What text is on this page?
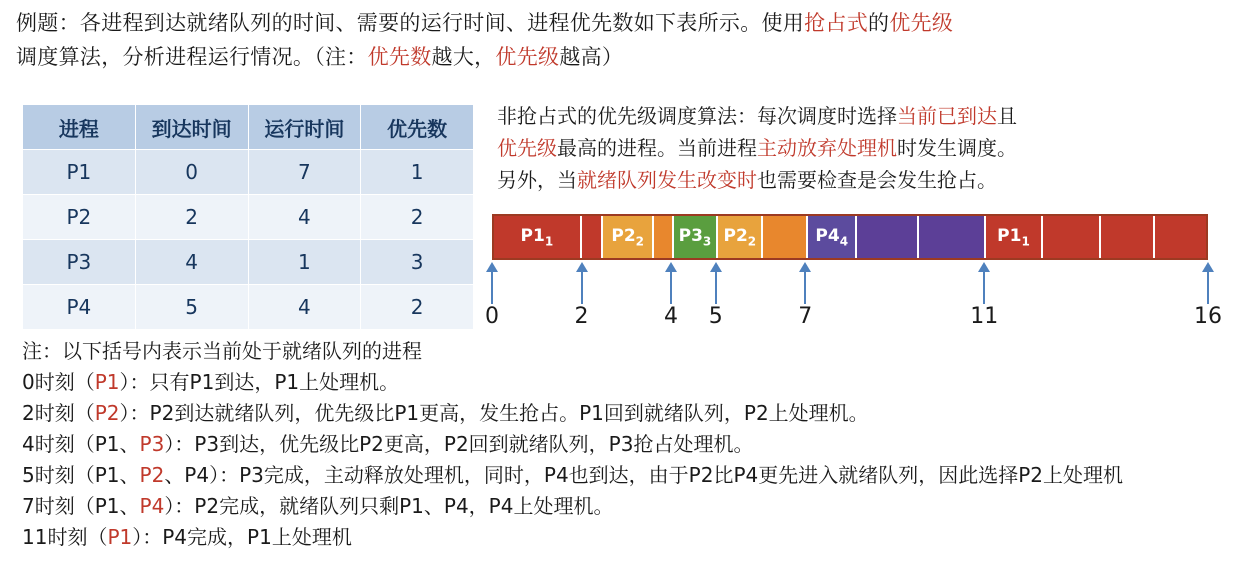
例题：各进程到达就绪队列的时间、需要的运行时间、进程优先数如下表所示。使用抢占式的优先级
调度算法，分析进程运行情况。（注：优先数越大，优先级越高）
进程	到达时间	运行时间	优先数
P1	0	7	1
P2	2	4	2
P3	4	1	3
P4	5	4	2
非抢占式的优先级调度算法：每次调度时选择当前已到达且
优先级最高的进程。当前进程主动放弃处理机时发生调度。
另外，当就绪队列发生改变时也需要检查是会发生抢占。
$P1_1$	$P2_2$ $P3_3$ $P2_2$	$P4_4$	$P1_1$
0	2	4	5	7	11	16
注：以下括号内表示当前处于就绪队列的进程
0时刻（P1）：只有P1到达，P1上处理机。
2时刻（P2）：P2到达就绪队列，优先级比P1更高，发生抢占。P1回到就绪队列，P2上处理机。
4时刻（P1、P3）：P3到达，优先级比P2更高，P2回到就绪队列，P3抢占处理机。
5时刻（P1、P2、P4）：P3完成，主动释放处理机，同时，P4也到达，由于P2比P4更先进入就绪队列，因此选择P2上处理机
7时刻（P1、P4）：P2完成，就绪队列只剩P1、P4，P4上处理机。
11时刻（P1）：P4完成，P1上处理机
